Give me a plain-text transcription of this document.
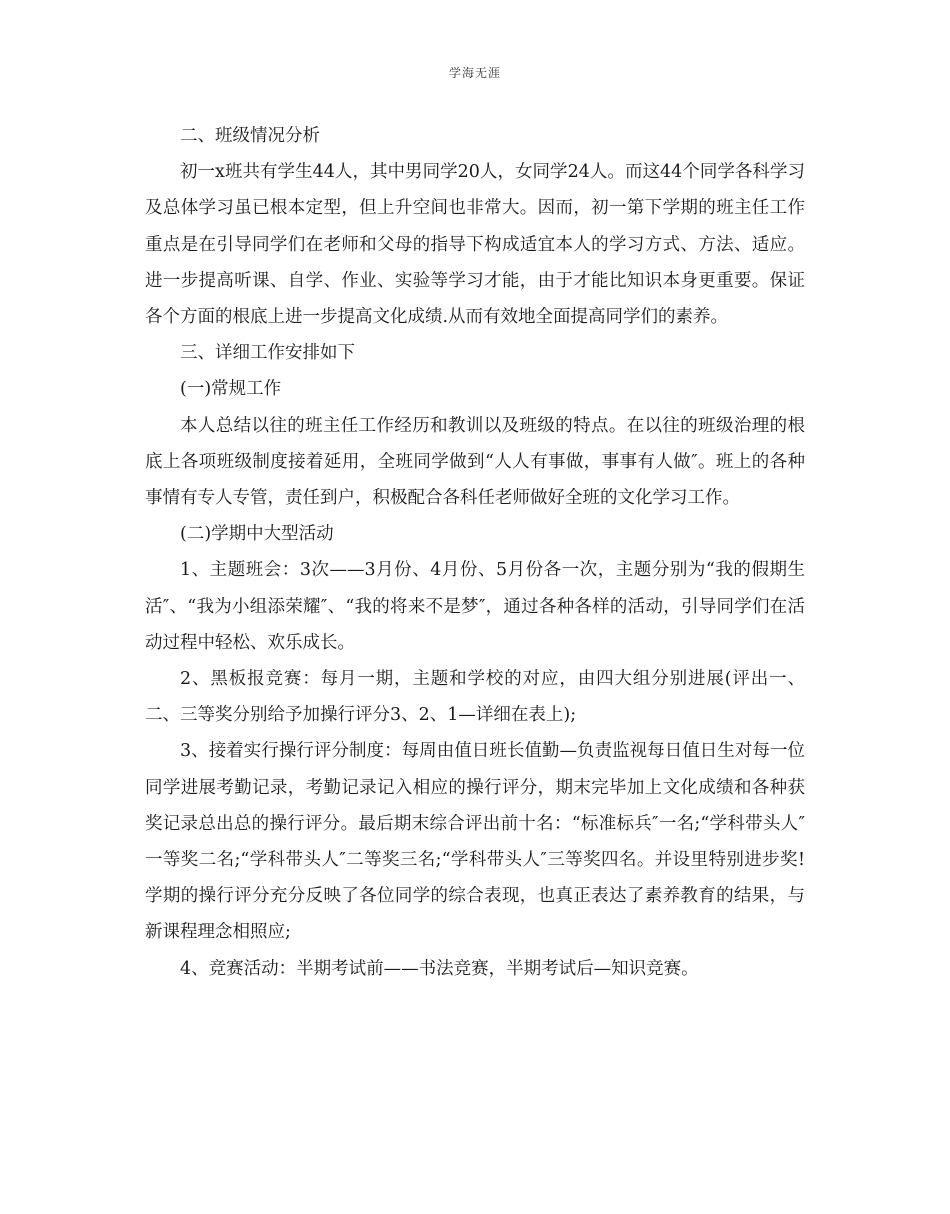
学海无涯

二、班级情况分析

初一x班共有学生44人，其中男同学20人，女同学24人。而这44个同学各科学习及总体学习虽已根本定型，但上升空间也非常大。因而，初一第下学期的班主任工作重点是在引导同学们在老师和父母的指导下构成适宜本人的学习方式、方法、适应。进一步提高听课、自学、作业、实验等学习才能，由于才能比知识本身更重要。保证各个方面的根底上进一步提高文化成绩.从而有效地全面提高同学们的素养。

三、详细工作安排如下

(一)常规工作

本人总结以往的班主任工作经历和教训以及班级的特点。在以往的班级治理的根底上各项班级制度接着延用，全班同学做到“人人有事做，事事有人做″。班上的各种事情有专人专管，责任到户，积极配合各科任老师做好全班的文化学习工作。

(二)学期中大型活动

1、主题班会：3次——3月份、4月份、5月份各一次，主题分别为“我的假期生活″、“我为小组添荣耀″、“我的将来不是梦″，通过各种各样的活动，引导同学们在活动过程中轻松、欢乐成长。

2、黑板报竞赛：每月一期，主题和学校的对应，由四大组分别进展(评出一、二、三等奖分别给予加操行评分3、2、1—详细在表上);

3、接着实行操行评分制度：每周由值日班长值勤—负责监视每日值日生对每一位同学进展考勤记录，考勤记录记入相应的操行评分，期末完毕加上文化成绩和各种获奖记录总出总的操行评分。最后期末综合评出前十名：“标准标兵″一名;“学科带头人″一等奖二名;“学科带头人″二等奖三名;“学科带头人″三等奖四名。并设里特别进步奖!学期的操行评分充分反映了各位同学的综合表现，也真正表达了素养教育的结果，与新课程理念相照应;

4、竞赛活动：半期考试前——书法竞赛，半期考试后—知识竞赛。
